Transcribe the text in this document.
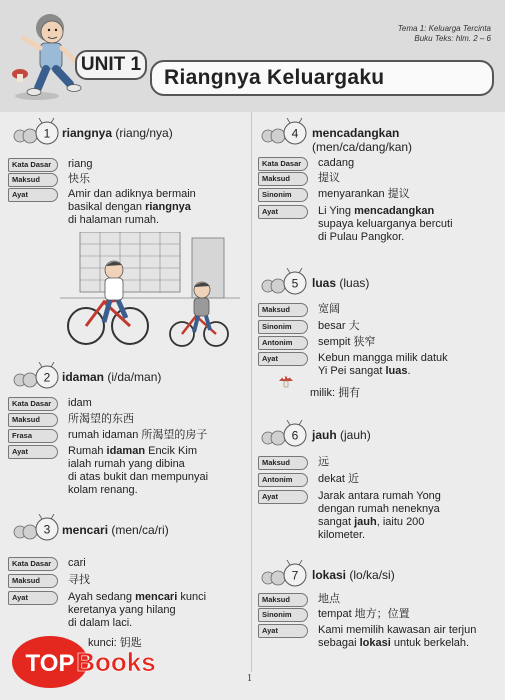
Tema 1: Keluarga Tercinta
Buku Teks: hlm. 2 – 6
UNIT 1
Riangnya Keluargaku
1 riangnya (riang/nya)
Kata Dasar	riang
Maksud	快乐
Ayat	Amir dan adiknya bermain
basikal dengan riangnya
di halaman rumah.
2 idaman (i/da/man)
Kata Dasar	idam
Maksud	所渴望的东西
Frasa	rumah idaman 所渴望的房子
Ayat	Rumah idaman Encik Kim
ialah rumah yang dibina
di atas bukit dan mempunyai
kolam renang.
3 mencari (men/ca/ri)
Kata Dasar	cari
Maksud	寻找
Ayat	Ayah sedang mencari kunci
keretanya yang hilang
di dalam laci.
kunci: 钥匙
TOP Books
4 mencadangkan
(men/ca/dang/kan)
Kata Dasar	cadang
Maksud	提议
Sinonim	menyarankan 提议
Ayat	Li Ying mencadangkan
supaya keluarganya bercuti
di Pulau Pangkor.
5 luas (luas)
Maksud	宽阔
Sinonim	besar 大
Antonim	sempit 狭窄
Ayat	Kebun mangga milik datuk
Yi Pei sangat luas.
milik: 拥有
6 jauh (jauh)
Maksud	远
Antonim	dekat 近
Ayat	Jarak antara rumah Yong
dengan rumah neneknya
sangat jauh, iaitu 200
kilometer.
7 lokasi (lo/ka/si)
Maksud	地点
Sinonim	tempat 地方；位置
Ayat	Kami memilih kawasan air terjun
sebagai lokasi untuk berkelah.
1
